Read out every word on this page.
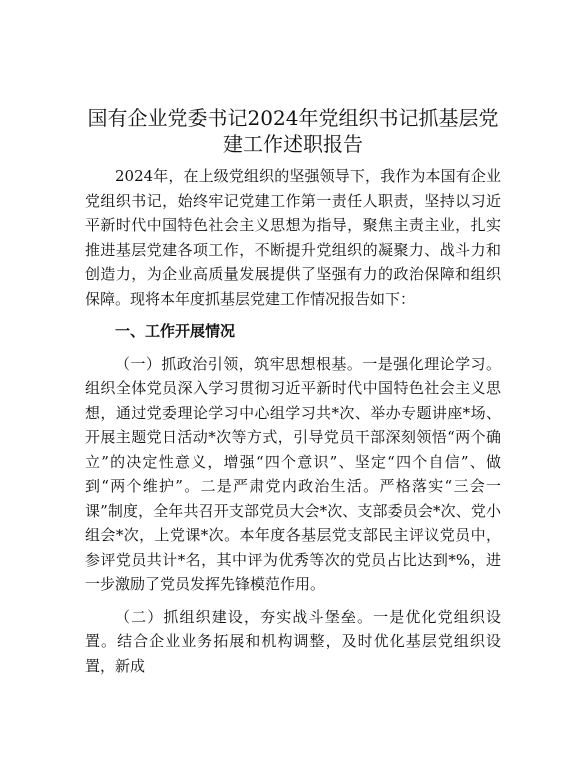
国有企业党委书记2024年党组织书记抓基层党建工作述职报告

2024年，在上级党组织的坚强领导下，我作为本国有企业党组织书记，始终牢记党建工作第一责任人职责，坚持以习近平新时代中国特色社会主义思想为指导，聚焦主责主业，扎实推进基层党建各项工作，不断提升党组织的凝聚力、战斗力和创造力，为企业高质量发展提供了坚强有力的政治保障和组织保障。现将本年度抓基层党建工作情况报告如下：

一、工作开展情况

（一）抓政治引领，筑牢思想根基。一是强化理论学习。组织全体党员深入学习贯彻习近平新时代中国特色社会主义思想，通过党委理论学习中心组学习共*次、举办专题讲座*场、开展主题党日活动*次等方式，引导党员干部深刻领悟“两个确立”的决定性意义，增强“四个意识”、坚定“四个自信”、做到“两个维护”。二是严肃党内政治生活。严格落实“三会一课”制度，全年共召开支部党员大会*次、支部委员会*次、党小组会*次，上党课*次。本年度各基层党支部民主评议党员中，参评党员共计*名，其中评为优秀等次的党员占比达到*%，进一步激励了党员发挥先锋模范作用。

（二）抓组织建设，夯实战斗堡垒。一是优化党组织设置。结合企业业务拓展和机构调整，及时优化基层党组织设置，新成
